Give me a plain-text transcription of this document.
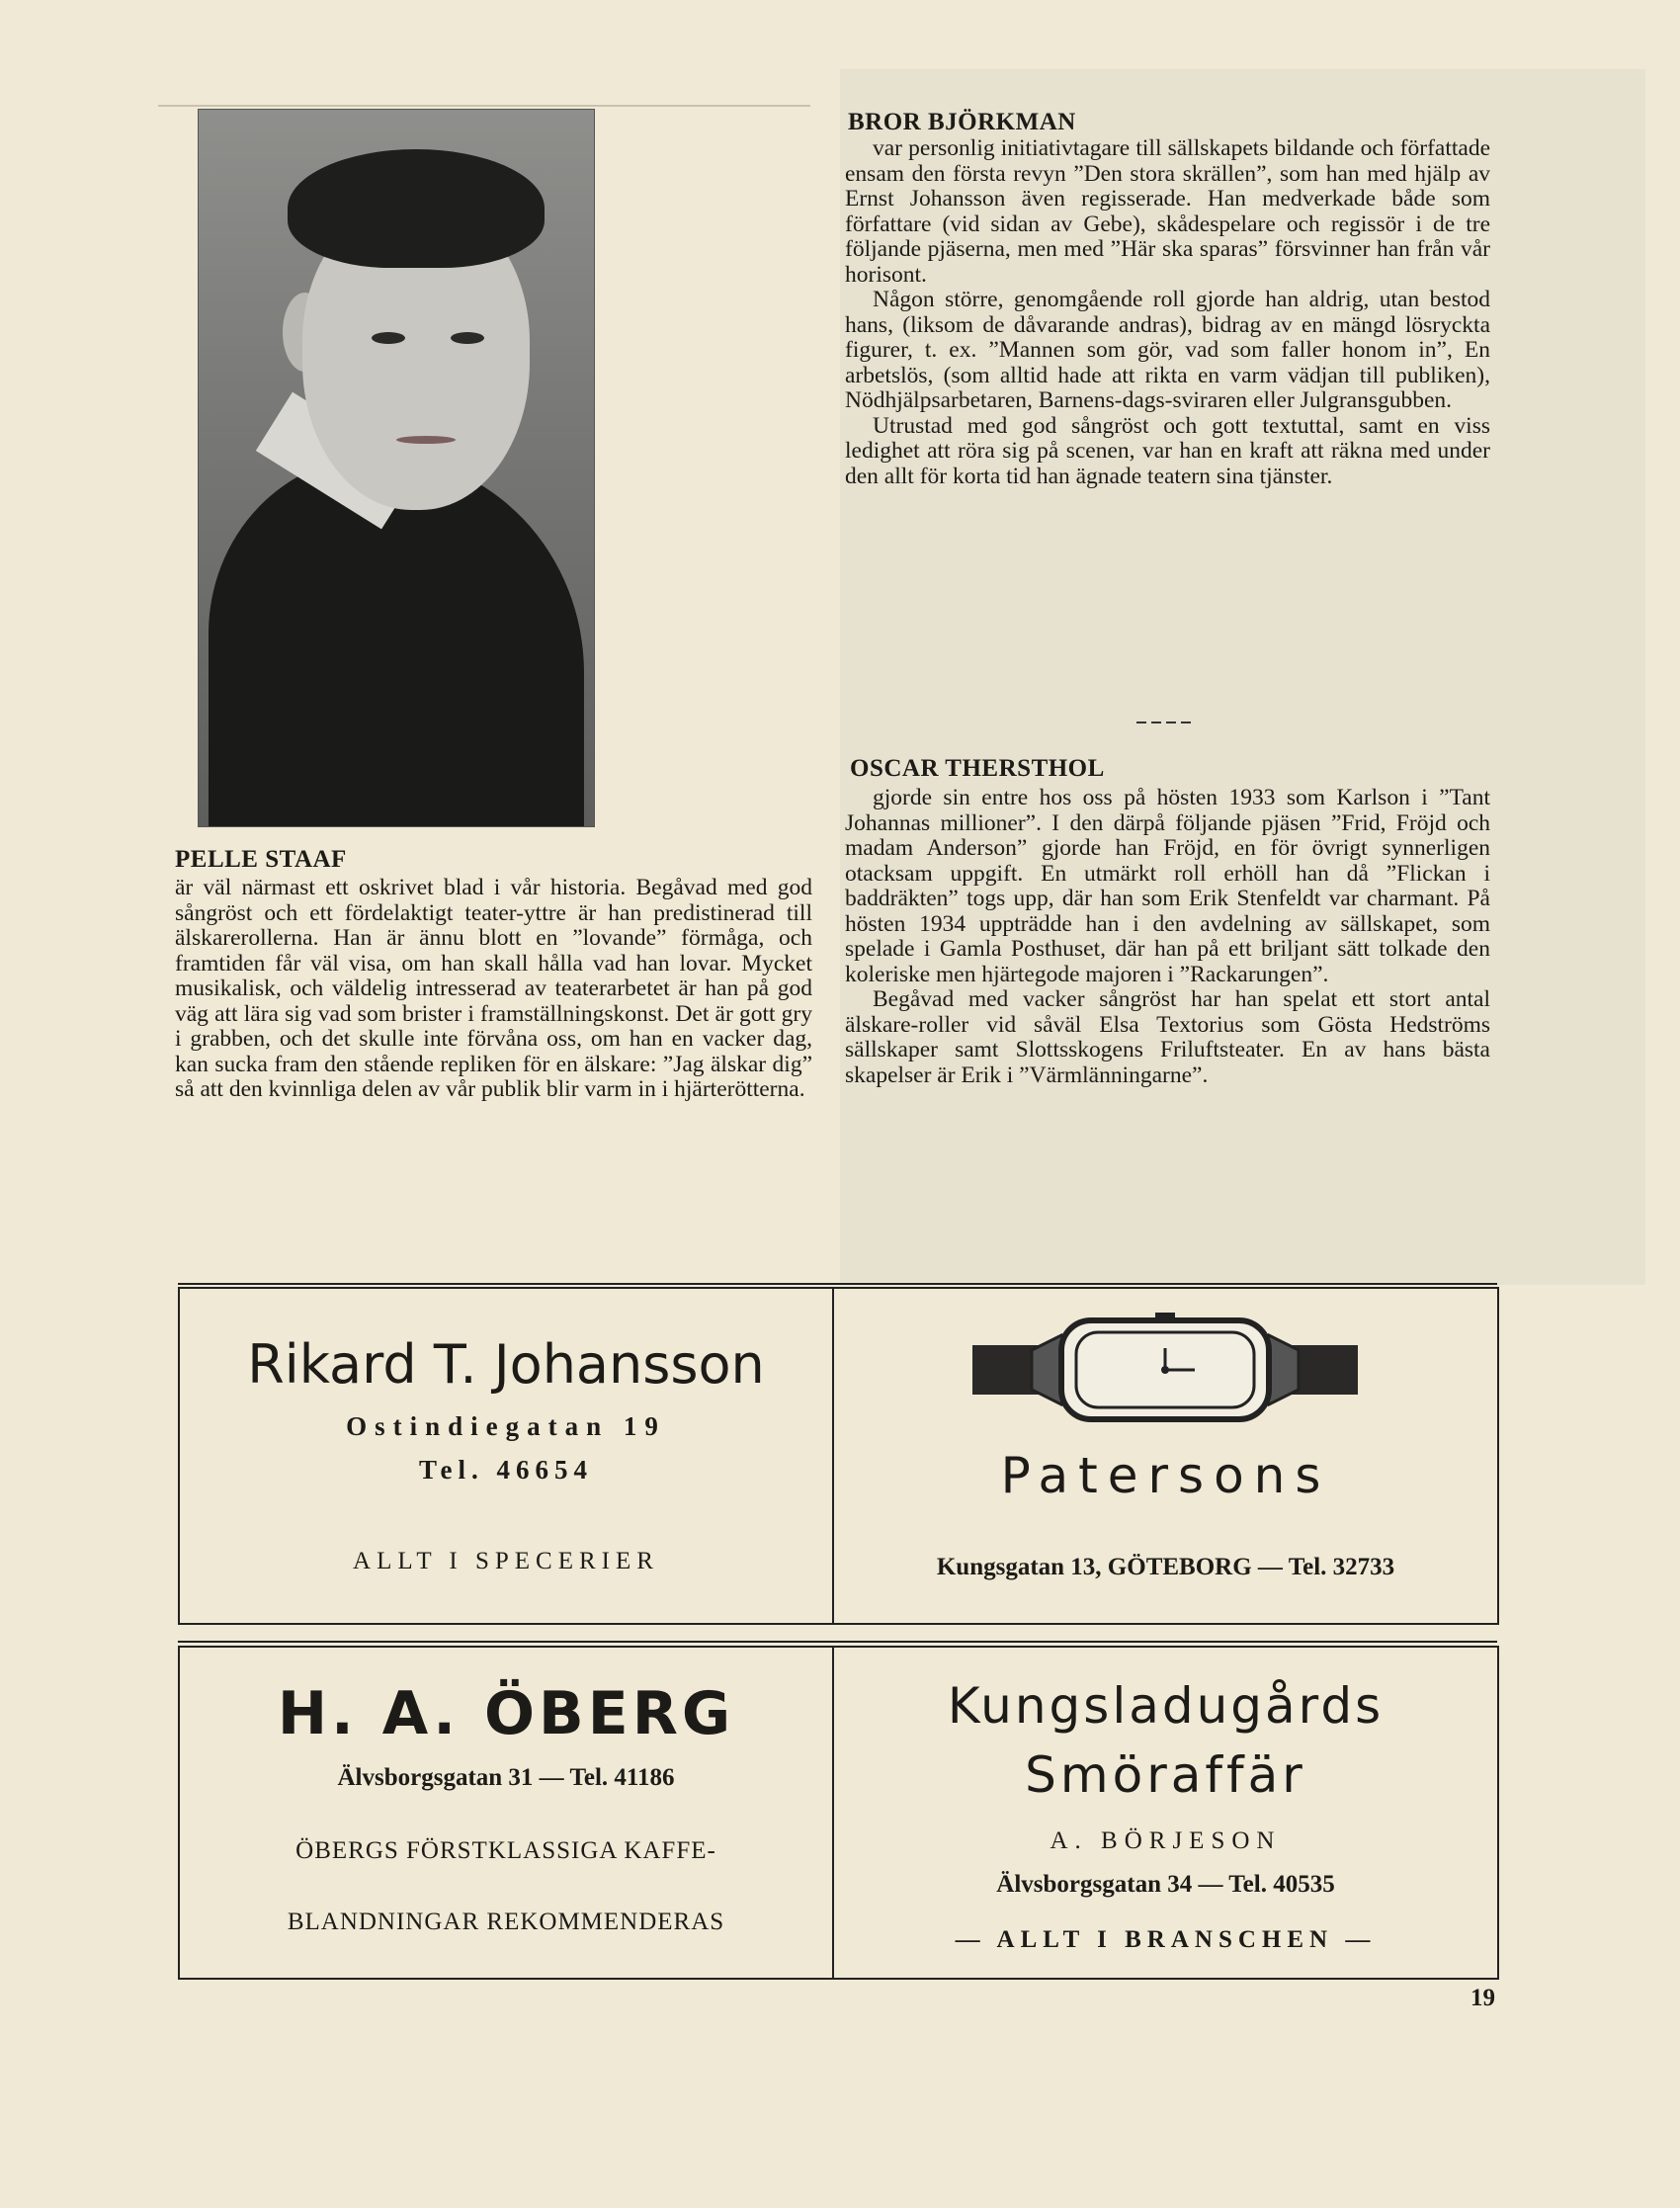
PELLE STAAF

är väl närmast ett oskrivet blad i vår historia. Begåvad med god sångröst och ett fördelaktigt teater-yttre är han predistinerad till älskarerollerna. Han är ännu blott en ”lovande” förmåga, och framtiden får väl visa, om han skall hålla vad han lovar. Mycket musikalisk, och väldelig intresserad av teaterarbetet är han på god väg att lära sig vad som brister i framställningskonst. Det är gott gry i grabben, och det skulle inte förvåna oss, om han en vacker dag, kan sucka fram den stående repliken för en älskare: ”Jag älskar dig” så att den kvinnliga delen av vår publik blir varm in i hjärterötterna.

BROR BJÖRKMAN

var personlig initiativtagare till sällskapets bildande och författade ensam den första revyn ”Den stora skrällen”, som han med hjälp av Ernst Johansson även regisserade. Han medverkade både som författare (vid sidan av Gebe), skådespelare och regissör i de tre följande pjäserna, men med ”Här ska sparas” försvinner han från vår horisont.

Någon större, genomgående roll gjorde han aldrig, utan bestod hans, (liksom de dåvarande andras), bidrag av en mängd lösryckta figurer, t. ex. ”Mannen som gör, vad som faller honom in”, En arbetslös, (som alltid hade att rikta en varm vädjan till publiken), Nödhjälpsarbetaren, Barnens-dags-sviraren eller Julgransgubben.

Utrustad med god sångröst och gott textuttal, samt en viss ledighet att röra sig på scenen, var han en kraft att räkna med under den allt för korta tid han ägnade teatern sina tjänster.

OSCAR THERSTHOL

gjorde sin entre hos oss på hösten 1933 som Karlson i ”Tant Johannas millioner”. I den därpå följande pjäsen ”Frid, Fröjd och madam Anderson” gjorde han Fröjd, en för övrigt synnerligen otacksam uppgift. En utmärkt roll erhöll han då ”Flickan i baddräkten” togs upp, där han som Erik Stenfeldt var charmant. På hösten 1934 uppträdde han i den avdelning av sällskapet, som spelade i Gamla Posthuset, där han på ett briljant sätt tolkade den koleriske men hjärtegode majoren i ”Rackarungen”.

Begåvad med vacker sångröst har han spelat ett stort antal älskare-roller vid såväl Elsa Textorius som Gösta Hedströms sällskaper samt Slottsskogens Friluftsteater. En av hans bästa skapelser är Erik i ”Värmlänningarne”.

Rikard T. Johansson
Ostindiegatan 19
Tel. 46654
ALLT I SPECERIER
Patersons
Kungsgatan 13, GÖTEBORG — Tel. 32733
H. A. ÖBERG
Älvsborgsgatan 31 — Tel. 41186
ÖBERGS FÖRSTKLASSIGA KAFFE-
BLANDNINGAR REKOMMENDERAS
Kungsladugårds
Smöraffär
A. BÖRJESON
Älvsborgsgatan 34 — Tel. 40535
— ALLT I BRANSCHEN —
19
